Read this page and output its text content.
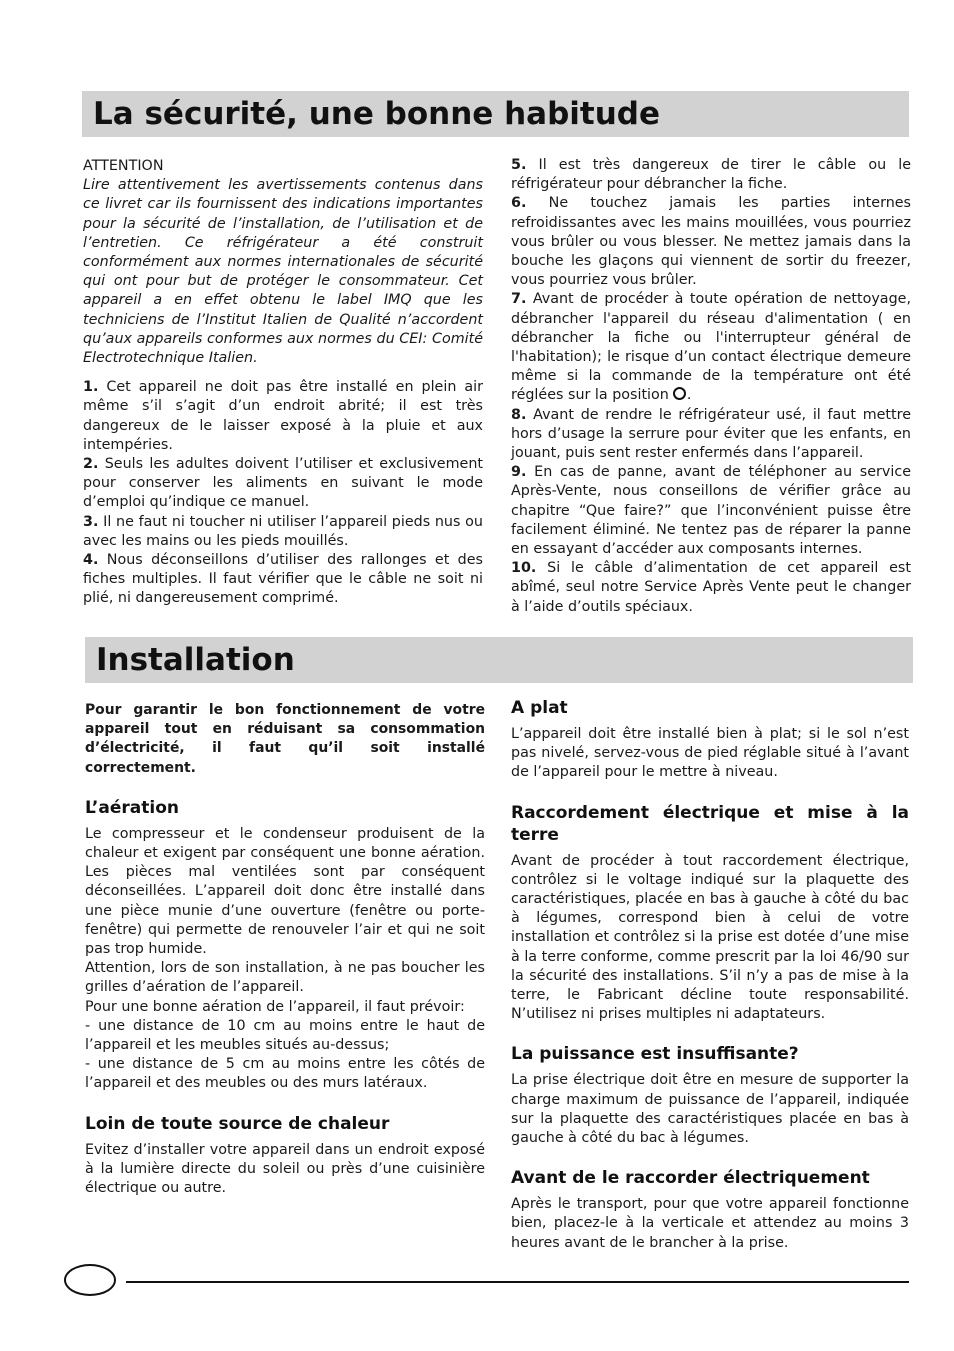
La sécurité, une bonne habitude

ATTENTION

Lire attentivement les avertissements contenus dans ce livret car ils fournissent des indications importantes pour la sécurité de l’installation, de l’utilisation et de l’entretien. Ce réfrigérateur a été construit conformément aux normes internationales de sécurité qui ont pour but de protéger le consommateur. Cet appareil a en effet obtenu le label IMQ que les techniciens de l’Institut Italien de Qualité n’accordent qu’aux appareils conformes aux normes du CEI: Comité Electrotechnique Italien.

1. Cet appareil ne doit pas être installé en plein air même s’il s’agit d’un endroit abrité; il est très dangereux de le laisser exposé à la pluie et aux intempéries.

2. Seuls les adultes doivent l’utiliser et exclusivement pour conserver les aliments en suivant le mode d’emploi qu’indique ce manuel.

3. Il ne faut ni toucher ni utiliser l’appareil pieds nus ou avec les mains ou les pieds mouillés.

4. Nous déconseillons d’utiliser des rallonges et des fiches multiples. Il faut vérifier que le câble ne soit ni plié, ni dangereusement comprimé.

5. Il est très dangereux de tirer le câble ou le réfrigérateur pour débrancher la fiche.

6. Ne touchez jamais les parties internes refroidissantes avec les mains mouillées, vous pourriez vous brûler ou vous blesser. Ne mettez jamais dans la bouche les glaçons qui viennent de sortir du freezer, vous pourriez vous brûler.

7. Avant de procéder à toute opération de nettoyage, débrancher l'appareil du réseau d'alimentation ( en débrancher la fiche ou l'interrupteur général de l'habitation); le risque d’un contact électrique demeure même si la commande de la température ont été réglées sur la position .

8. Avant de rendre le réfrigérateur usé, il faut mettre hors d’usage la serrure pour éviter que les enfants, en jouant, puis sent rester enfermés dans l’appareil.

9. En cas de panne, avant de téléphoner au service Après-Vente, nous conseillons de vérifier grâce au chapitre “Que faire?” que l’inconvénient puisse être facilement éliminé. Ne tentez pas de réparer la panne en essayant d’accéder aux composants internes.

10. Si le câble d’alimentation de cet appareil est abîmé, seul notre Service Après Vente peut le changer à l’aide d’outils spéciaux.

Installation

Pour garantir le bon fonctionnement de votre appareil tout en réduisant sa consommation d’électricité, il faut qu’il soit installé correctement.

L’aération

Le compresseur et le condenseur produisent de la chaleur et exigent par conséquent une bonne aération. Les pièces mal ventilées sont par conséquent déconseillées. L’appareil doit donc être installé dans une pièce munie d’une ouverture (fenêtre ou porte-fenêtre) qui permette de renouveler l’air et qui ne soit pas trop humide.

Attention, lors de son installation, à ne pas boucher les grilles d’aération de l’appareil.

Pour une bonne aération de l’appareil, il faut prévoir:

- une distance de 10 cm au moins entre le haut de l’appareil et les meubles situés au-dessus;

- une distance de 5 cm au moins entre les côtés de l’appareil et des meubles ou des murs latéraux.

Loin de toute source de chaleur

Evitez d’installer votre appareil dans un endroit exposé à la lumière directe du soleil ou près d’une cuisinière électrique ou autre.

A plat

L’appareil doit être installé bien à plat; si le sol n’est pas nivelé, servez-vous de pied réglable situé à l’avant de l’appareil pour le mettre à niveau.

Raccordement électrique et mise à la terre

Avant de procéder à tout raccordement électrique, contrôlez si le voltage indiqué sur la plaquette des caractéristiques, placée en bas à gauche à côté du bac à légumes, correspond bien à celui de votre installation et contrôlez si la prise est dotée d’une mise à la terre conforme, comme prescrit par la loi 46/90 sur la sécurité des installations. S’il n’y a pas de mise à la terre, le Fabricant décline toute responsabilité. N’utilisez ni prises multiples ni adaptateurs.

La puissance est insuffisante?

La prise électrique doit être en mesure de supporter la charge maximum de puissance de l’appareil, indiquée sur la plaquette des caractéristiques placée en bas à gauche à côté du bac à légumes.

Avant de le raccorder électriquement

Après le transport, pour que votre appareil fonctionne bien, placez-le à la verticale et attendez au moins 3 heures avant de le brancher à la prise.
